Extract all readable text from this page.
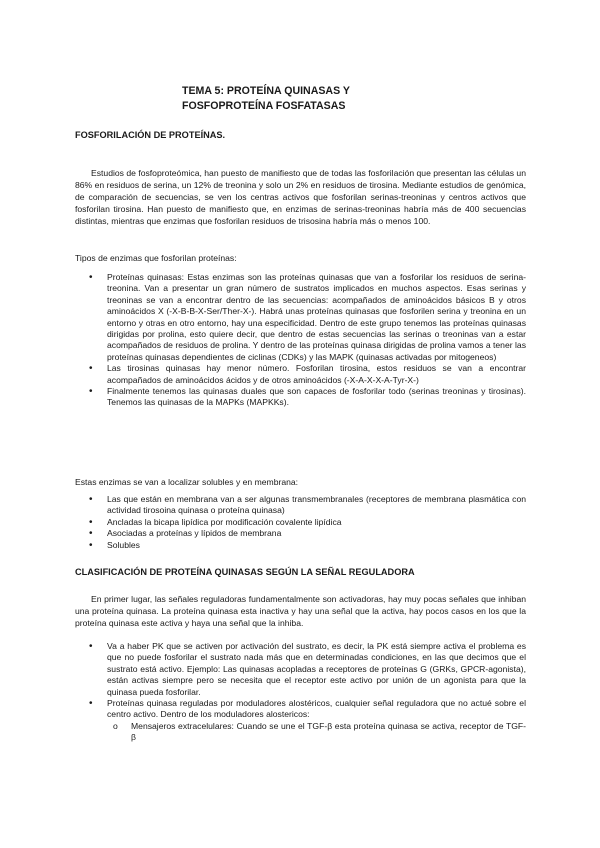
TEMA 5: PROTEÍNA QUINASAS Y
FOSFOPROTEÍNA FOSFATASAS
FOSFORILACIÓN DE PROTEÍNAS.
Estudios de fosfoproteómica, han puesto de manifiesto que de todas las fosforilación que presentan las células un 86% en residuos de serina, un 12% de treonina y solo un 2% en residuos de tirosina. Mediante estudios de genómica, de comparación de secuencias, se ven los centras activos que fosforilan serinas-treoninas y centros activos que fosforilan tirosina. Han puesto de manifiesto que, en enzimas de serinas-treoninas habría más de 400 secuencias distintas, mientras que enzimas que fosforilan residuos de trisosina habría más o menos 100.
Tipos de enzimas que fosforilan proteínas:
• Proteínas quinasas: Estas enzimas son las proteínas quinasas que van a fosforilar los residuos de serina-treonina. Van a presentar un gran número de sustratos implicados en muchos aspectos. Esas serinas y treoninas se van a encontrar dentro de las secuencias: acompañados de aminoácidos básicos B y otros aminoácidos X (-X-B-B-X-Ser/Ther-X-). Habrá unas proteínas quinasas que fosforilen serina y treonina en un entorno y otras en otro entorno, hay una especificidad. Dentro de este grupo tenemos las proteínas quinasas dirigidas por prolina, esto quiere decir, que dentro de estas secuencias las serinas o treoninas van a estar acompañados de residuos de prolina. Y dentro de las proteínas quinasa dirigidas de prolina vamos a tener las proteínas quinasas dependientes de ciclinas (CDKs) y las MAPK (quinasas activadas por mitogeneos)
• Las tirosinas quinasas hay menor número. Fosforilan tirosina, estos residuos se van a encontrar acompañados de aminoácidos ácidos y de otros aminoácidos (-X-A-X-X-A-Tyr-X-)
• Finalmente tenemos las quinasas duales que son capaces de fosforilar todo (serinas treoninas y tirosinas). Tenemos las quinasas de la MAPKs (MAPKKs).
Estas enzimas se van a localizar solubles y en membrana:
• Las que están en membrana van a ser algunas transmembranales (receptores de membrana plasmática con actividad tirosoina quinasa o proteína quinasa)
• Ancladas la bicapa lipídica por modificación covalente lipídica
• Asociadas a proteínas y lípidos de membrana
• Solubles
CLASIFICACIÓN DE PROTEÍNA QUINASAS SEGÚN LA SEÑAL REGULADORA
En primer lugar, las señales reguladoras fundamentalmente son activadoras, hay muy pocas señales que inhiban una proteína quinasa. La proteína quinasa esta inactiva y hay una señal que la activa, hay pocos casos en los que la proteína quinasa este activa y haya una señal que la inhiba.
• Va a haber PK que se activen por activación del sustrato, es decir, la PK está siempre activa el problema es que no puede fosforilar el sustrato nada más que en determinadas condiciones, en las que decimos que el sustrato está activo. Ejemplo: Las quinasas acopladas a receptores de proteínas G (GRKs, GPCR-agonista), están activas siempre pero se necesita que el receptor este activo por unión de un agonista para que la quinasa pueda fosforilar.
• Proteínas quinasa reguladas por moduladores alostéricos, cualquier señal reguladora que no actué sobre el centro activo. Dentro de los moduladores alostericos:
o Mensajeros extracelulares: Cuando se une el TGF-β esta proteína quinasa se activa, receptor de TGF- β
